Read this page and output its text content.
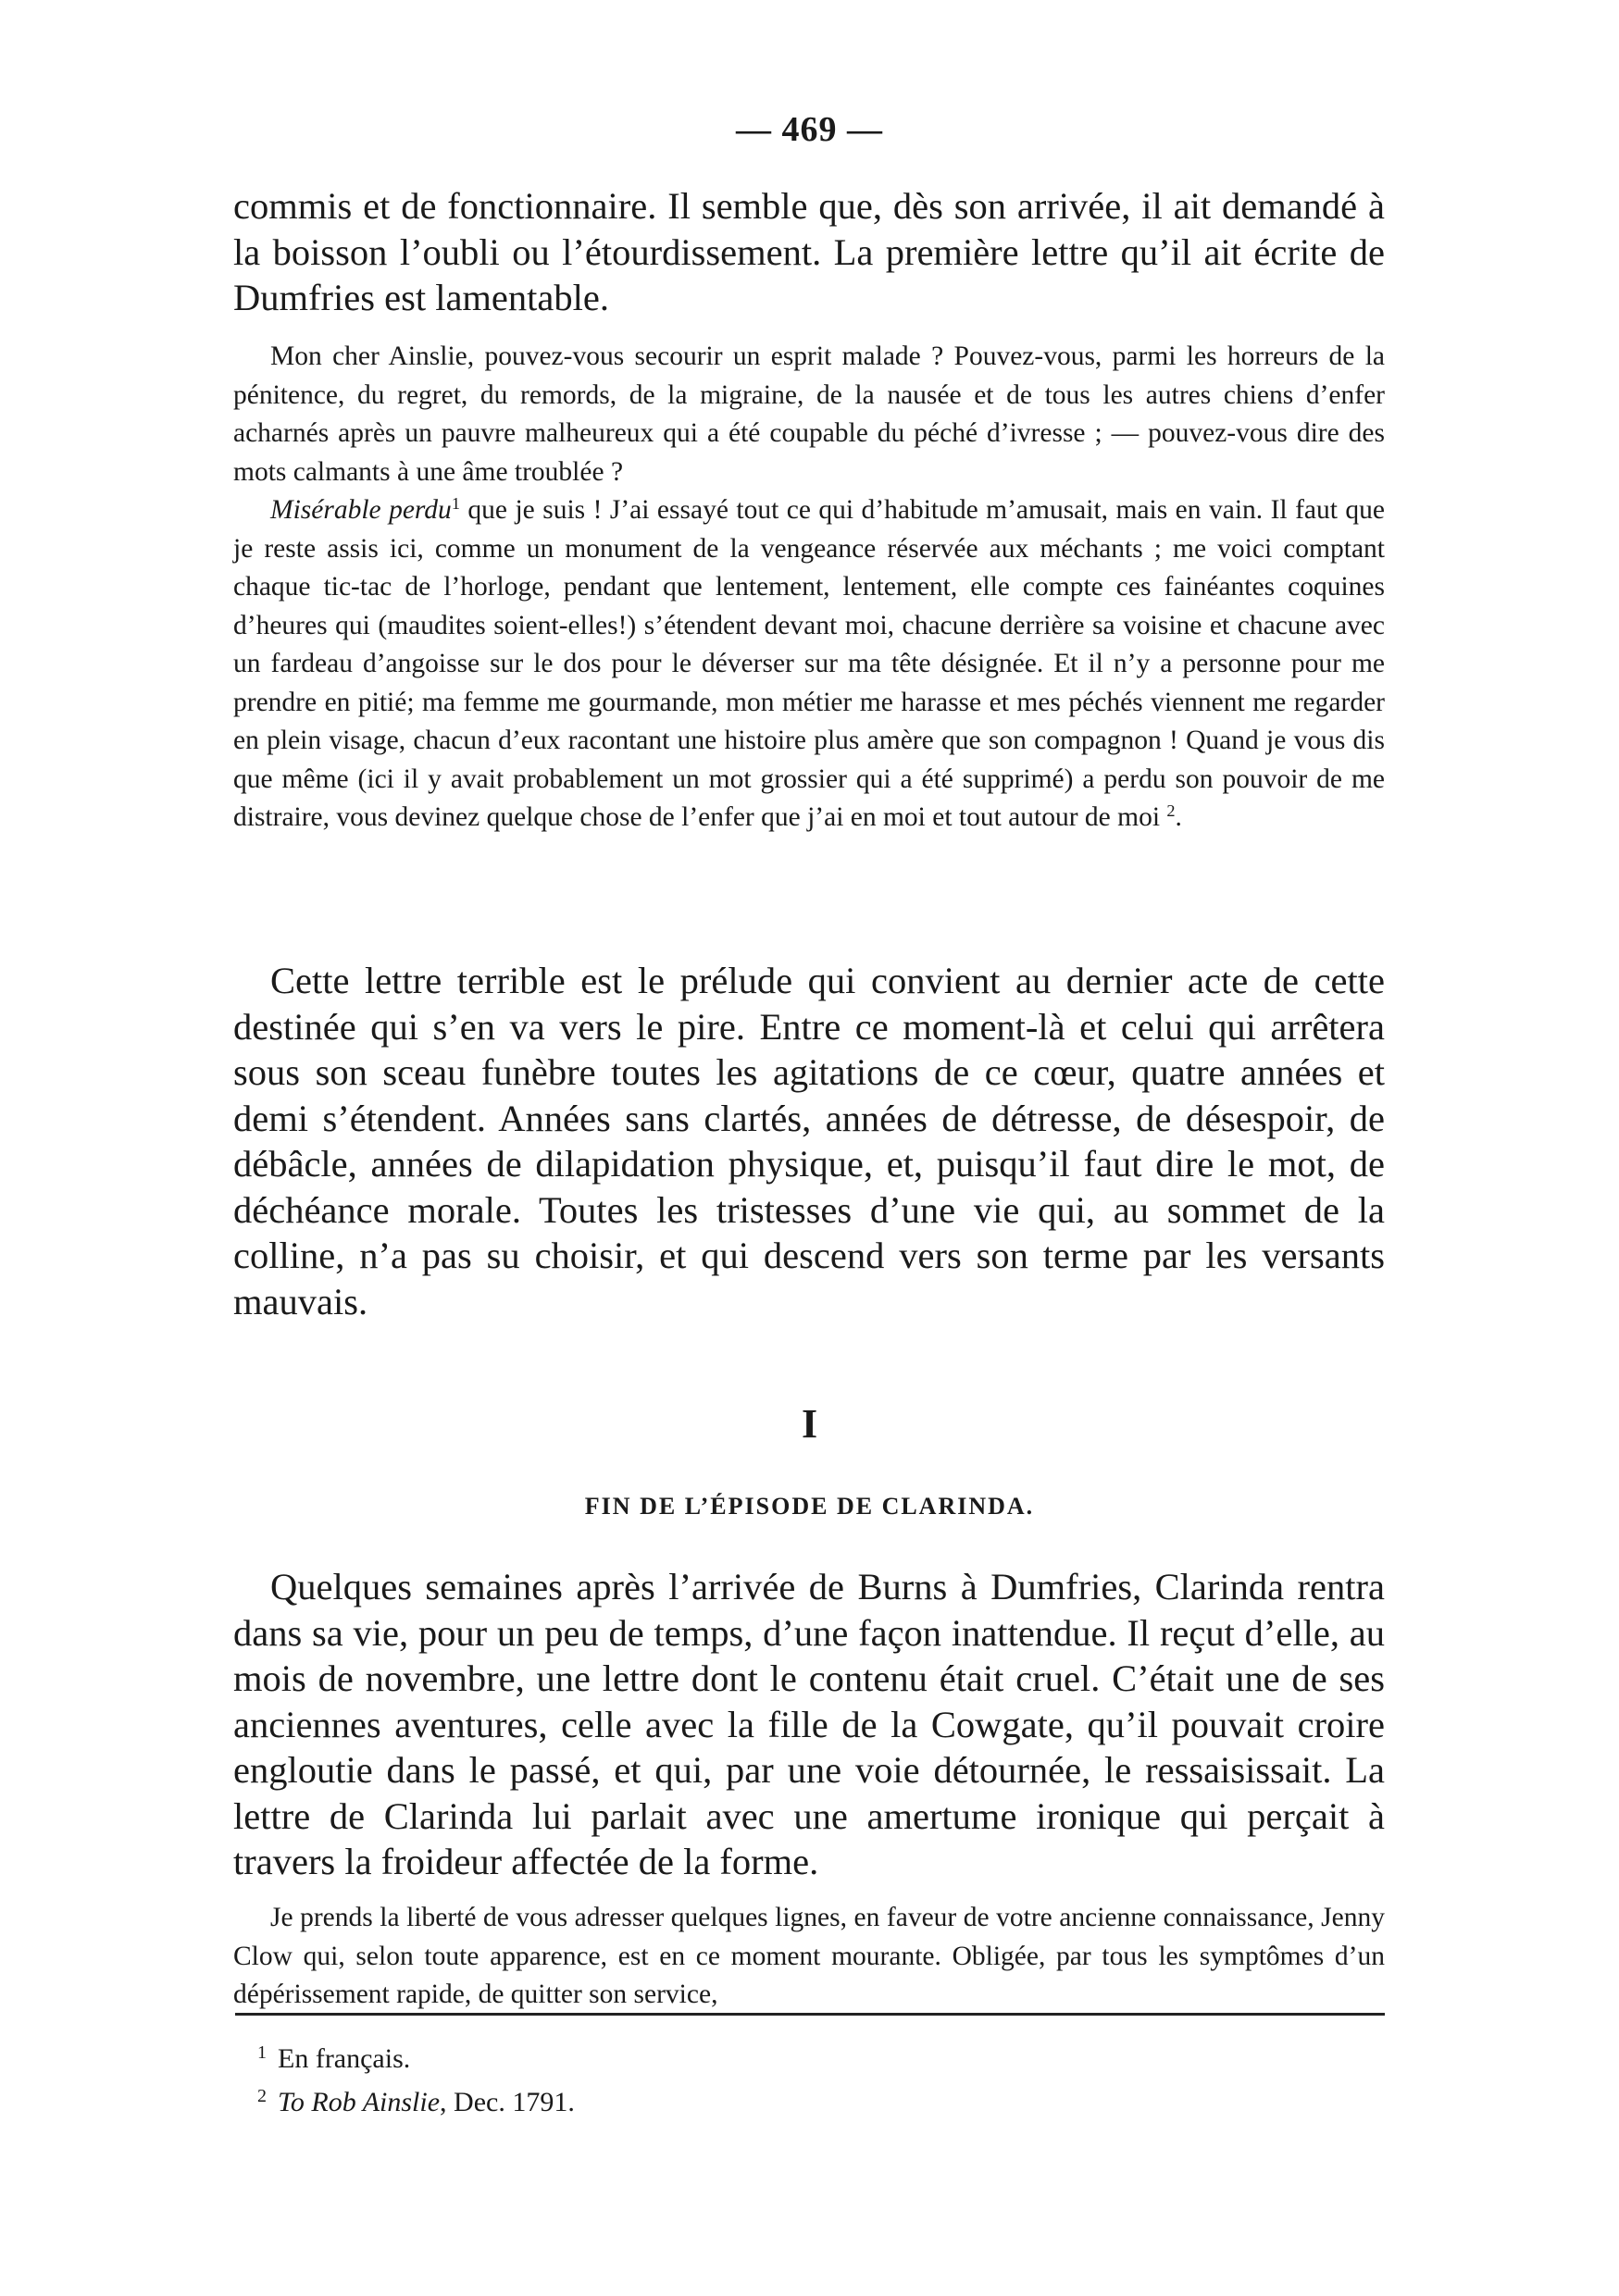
— 469 —

commis et de fonctionnaire. Il semble que, dès son arrivée, il ait demandé à la boisson l’oubli ou l’étourdissement. La première lettre qu’il ait écrite de Dumfries est lamentable.

Mon cher Ainslie, pouvez-vous secourir un esprit malade ? Pouvez-vous, parmi les horreurs de la pénitence, du regret, du remords, de la migraine, de la nausée et de tous les autres chiens d’enfer acharnés après un pauvre malheureux qui a été coupable du péché d’ivresse ; — pouvez-vous dire des mots calmants à une âme troublée ?

Misérable perdu$^1$ que je suis ! J’ai essayé tout ce qui d’habitude m’amusait, mais en vain. Il faut que je reste assis ici, comme un monument de la vengeance réservée aux méchants ; me voici comptant chaque tic-tac de l’horloge, pendant que lentement, lentement, elle compte ces fainéantes coquines d’heures qui (maudites soient-elles!) s’étendent devant moi, chacune derrière sa voisine et chacune avec un fardeau d’angoisse sur le dos pour le déverser sur ma tête désignée. Et il n’y a personne pour me prendre en pitié; ma femme me gourmande, mon métier me harasse et mes péchés viennent me regarder en plein visage, chacun d’eux racontant une histoire plus amère que son compagnon ! Quand je vous dis que même (ici il y avait probablement un mot grossier qui a été supprimé) a perdu son pouvoir de me distraire, vous devinez quelque chose de l’enfer que j’ai en moi et tout autour de moi $^2$.

Cette lettre terrible est le prélude qui convient au dernier acte de cette destinée qui s’en va vers le pire. Entre ce moment-là et celui qui arrêtera sous son sceau funèbre toutes les agitations de ce cœur, quatre années et demi s’étendent. Années sans clartés, années de détresse, de désespoir, de débâcle, années de dilapidation physique, et, puisqu’il faut dire le mot, de déchéance morale. Toutes les tristesses d’une vie qui, au sommet de la colline, n’a pas su choisir, et qui descend vers son terme par les versants mauvais.

I
FIN DE L’ÉPISODE DE CLARINDA.

Quelques semaines après l’arrivée de Burns à Dumfries, Clarinda rentra dans sa vie, pour un peu de temps, d’une façon inattendue. Il reçut d’elle, au mois de novembre, une lettre dont le contenu était cruel. C’était une de ses anciennes aventures, celle avec la fille de la Cowgate, qu’il pouvait croire engloutie dans le passé, et qui, par une voie détournée, le ressaisissait. La lettre de Clarinda lui parlait avec une amertume ironique qui perçait à travers la froideur affectée de la forme.

Je prends la liberté de vous adresser quelques lignes, en faveur de votre ancienne connaissance, Jenny Clow qui, selon toute apparence, est en ce moment mourante. Obligée, par tous les symptômes d’un dépérissement rapide, de quitter son service,

1 En français.
2 To Rob Ainslie, Dec. 1791.
